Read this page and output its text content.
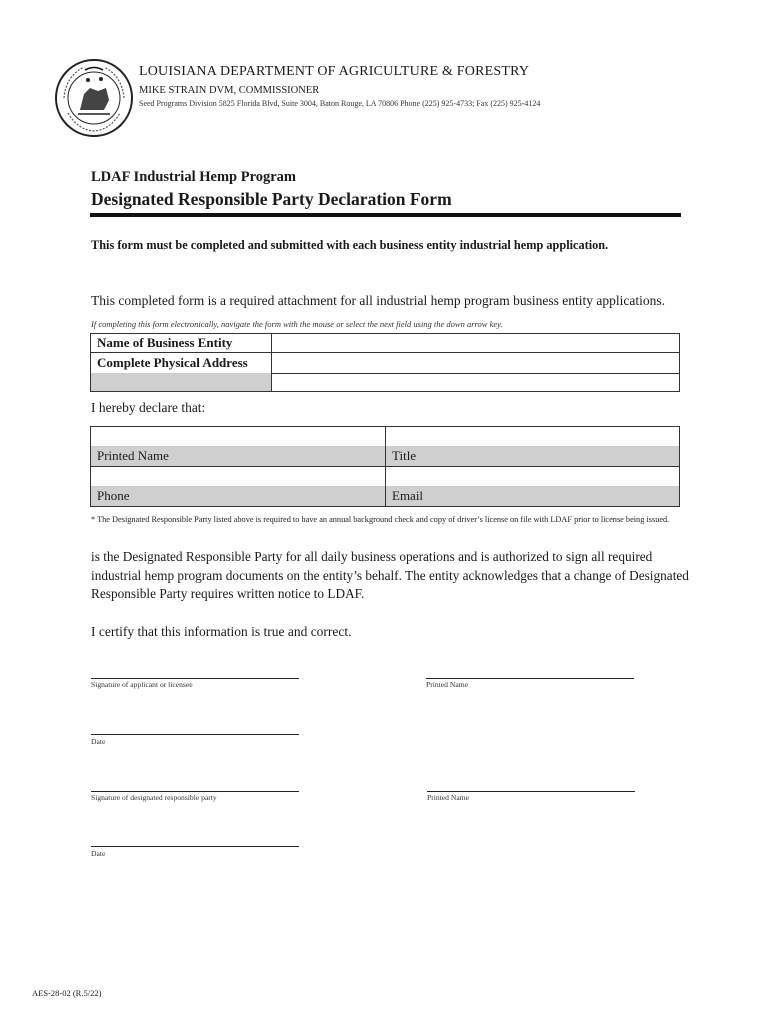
LOUISIANA DEPARTMENT OF AGRICULTURE & FORESTRY
MIKE STRAIN DVM, COMMISSIONER
Seed Programs Division 5825 Florida Blvd, Suite 3004, Baton Rouge, LA 70806 Phone (225) 925-4733; Fax (225) 925-4124
LDAF Industrial Hemp Program
Designated Responsible Party Declaration Form
This form must be completed and submitted with each business entity industrial hemp application.
This completed form is a required attachment for all industrial hemp program business entity applications.
If completing this form electronically, navigate the form with the mouse or select the next field using the down arrow key.
Name of Business Entity
Complete Physical Address
I hereby declare that:
Printed Name	Title
Phone	Email
* The Designated Responsible Party listed above is required to have an annual background check and copy of driver’s license on file with LDAF prior to license being issued.
is the Designated Responsible Party for all daily business operations and is authorized to sign all required industrial hemp program documents on the entity’s behalf. The entity acknowledges that a change of Designated Responsible Party requires written notice to LDAF.
I certify that this information is true and correct.
Signature of applicant or licensee	Printed Name
Date
Signature of designated responsible party	Printed Name
Date
AES-28-02 (R.5/22)
